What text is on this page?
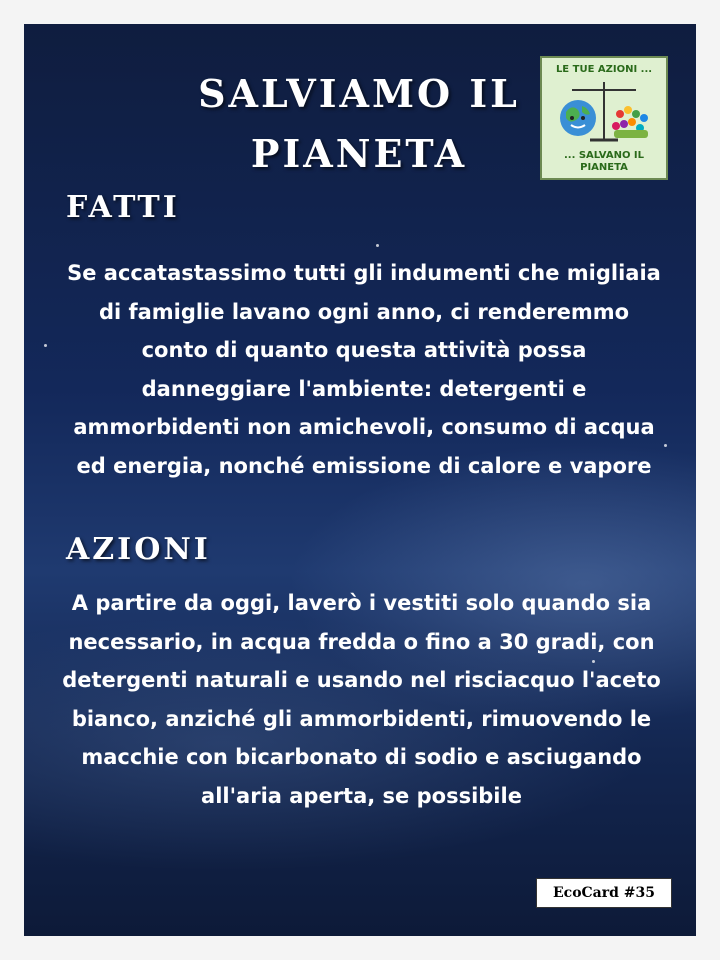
SALVIAMO IL PIANETA
LE TUE AZIONI ...
... SALVANO IL PIANETA
FATTI
Se accatastassimo tutti gli indumenti che migliaia di famiglie lavano ogni anno, ci renderemmo conto di quanto questa attività possa danneggiare l'ambiente: detergenti e ammorbidenti non amichevoli, consumo di acqua ed energia, nonché emissione di calore e vapore
AZIONI
A partire da oggi, laverò i vestiti solo quando sia necessario, in acqua fredda o fino a 30 gradi, con detergenti naturali e usando nel risciacquo l'aceto bianco, anziché gli ammorbidenti, rimuovendo le macchie con bicarbonato di sodio e asciugando all'aria aperta, se possibile
EcoCard #35
